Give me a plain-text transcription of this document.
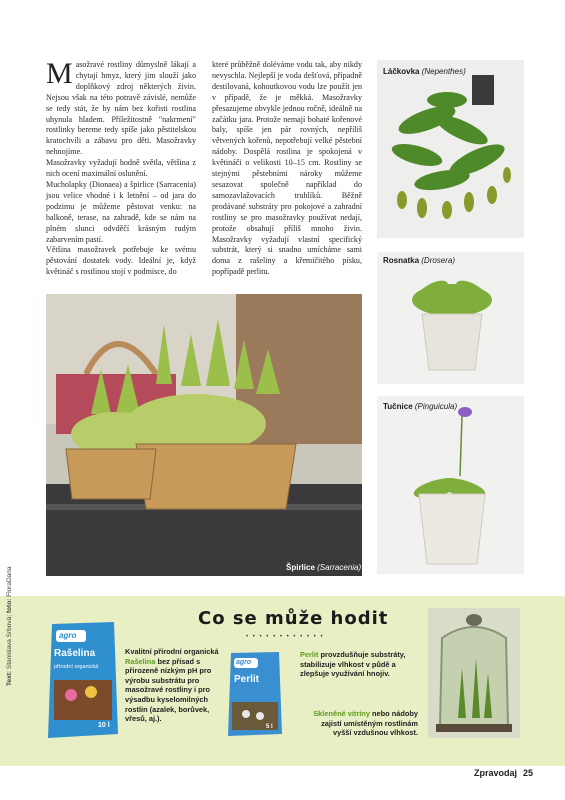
M asožravé rostliny důmyslně lákají a chytají hmyz, který jim slouží jako doplňkový zdroj některých živin. Nejsou však na této potravě závislé, nemůže se tedy stát, že by nám bez kořisti rostlina uhynula hladem. Příležitostně "nakrmení" rostlinky bereme tedy spíše jako pěstitelskou kratochvíli a zábavu pro děti. Masožravky nehnojíme.

Masožravky vyžadují hodně světla, většina z nich ocení maximální oslunění.

Mucholapky (Dionaea) a špirlice (Sarracenia) jsou velice vhodné i k letnění – od jara do podzimu je můžeme pěstovat venku: na balkoně, terase, na zahradě, kde se nám na plném slunci odvděčí krásným rudým zabarvením pastí.

Většina masožravek potřebuje ke svému pěstování dostatek vody. Ideální je, když květináč s rostlinou stojí v podmisce, do

které průběžně doléváme vodu tak, aby nikdy nevyschla. Nejlepší je voda dešťová, případně destilovaná, kohoutkovou vodu lze použít jen v případě, že je měkká. Masožravky přesazujeme obvykle jednou ročně, ideálně na začátku jara. Protože nemají bohaté kořenové baly, spíše jen pár rovných, nepříliš větvených kořenů, nepotřebují velké pěstební nádoby. Dospělá rostlina je spokojená v květináči o velikosti 10–15 cm. Rostliny se stejnými pěstebními nároky můžeme sesazovat společně například do samozavlažovacích truhlíků. Běžně prodávané substráty pro pokojové a zahradní rostliny se pro masožravky používat nedají, protože obsahují příliš mnoho živin. Masožravky vyžadují vlastní specifický substrát, který si snadno umícháme sami doma z rašeliny a křemičitého písku, popřípadě perlitu.

Láčkovka (Nepenthes)
Rosnatka (Drosera)
Tučnice (Pinguicula)
Špirlice (Sarracenia)
Text: Stanislava Srbová; foto: FloraDaria
Co se může hodit
• • • • • • • • • • • •
agro
Rašelina
přírodní organická
10 l
Kvalitní přírodní organická Rašelina bez přísad s přirozeně nízkým pH pro výrobu substrátu pro masožravé rostliny i pro výsadbu kyselomilných rostlin (azalek, borůvek, vřesů, aj.).
agro
Perlit
5 l
Perlit provzdušňuje substráty, stabilizuje vlhkost v půdě a zlepšuje využívání hnojiv.
Skleněné vitríny nebo nádoby zajistí umístěným rostlinám vyšší vzdušnou vlhkost.
Zpravodaj 25
